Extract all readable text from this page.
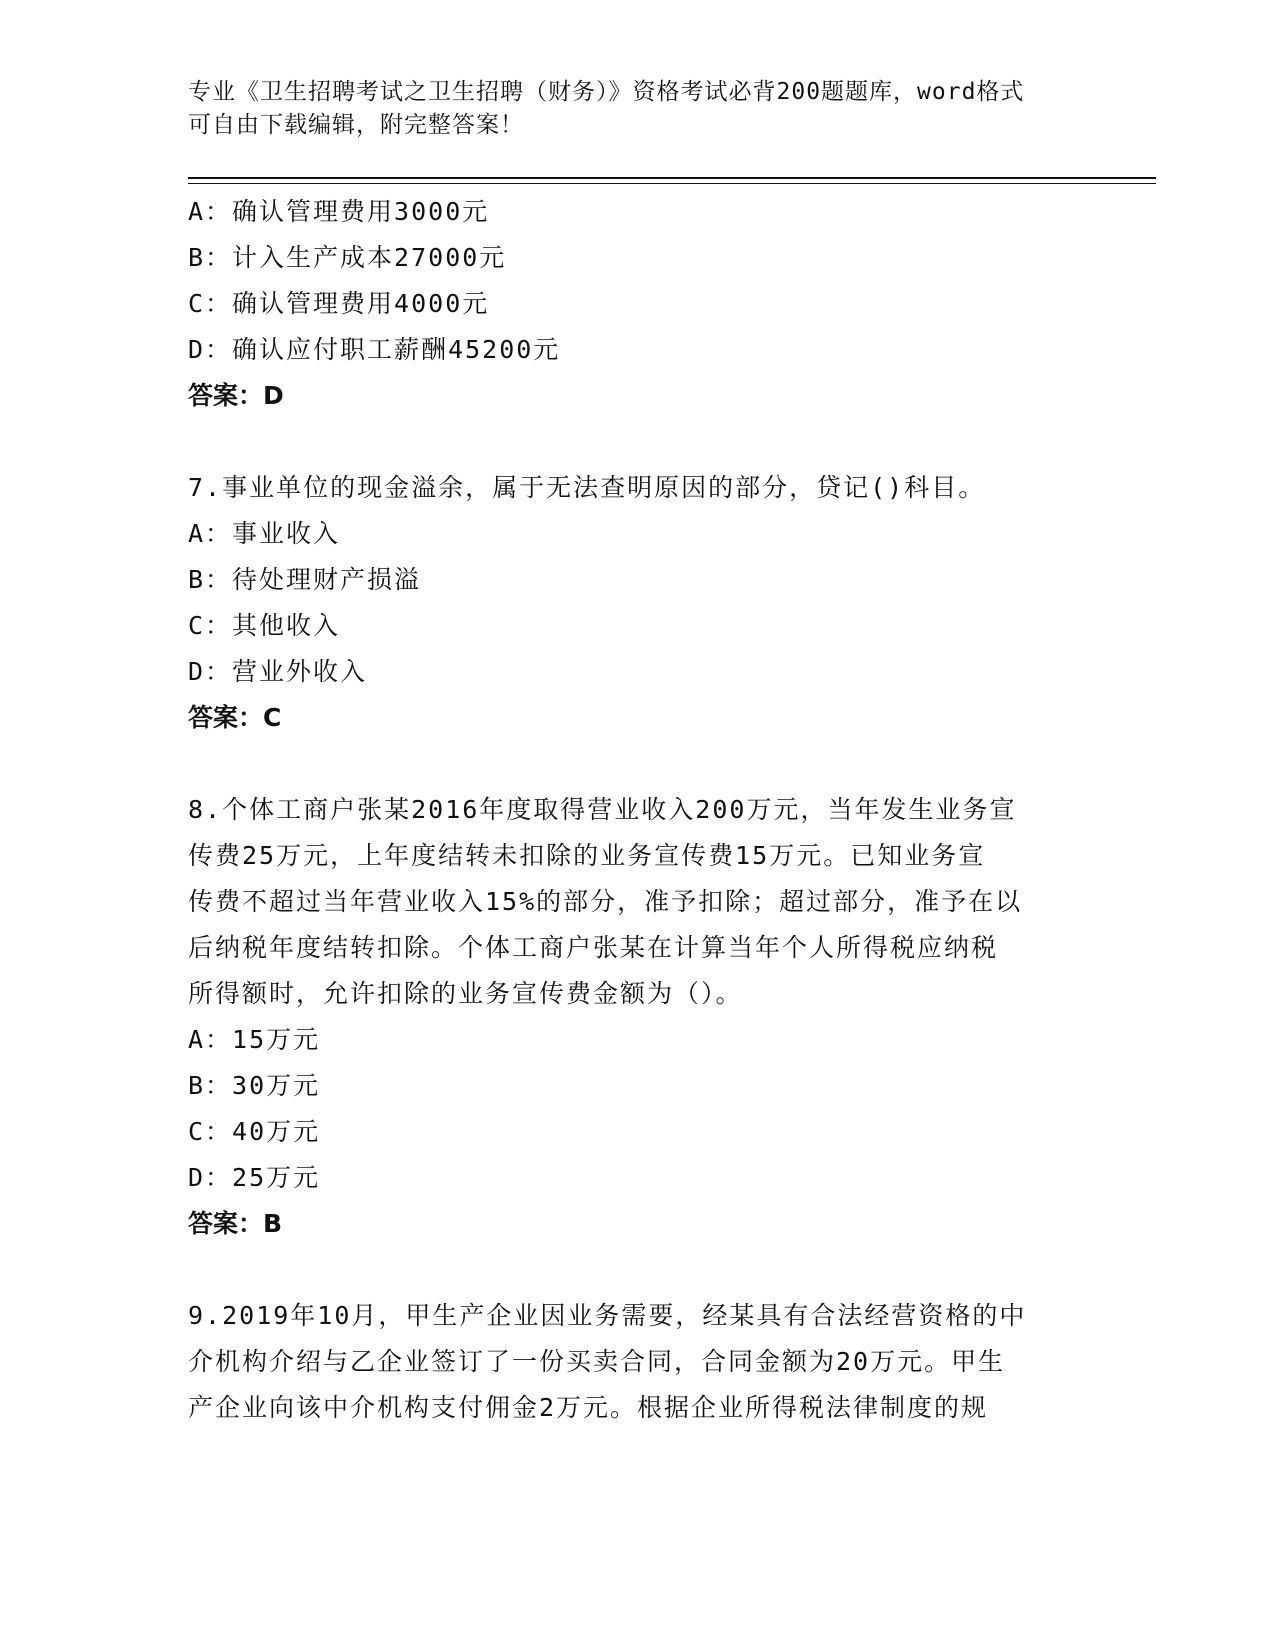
专业《卫生招聘考试之卫生招聘（财务）》资格考试必背200题题库，word格式
可自由下载编辑，附完整答案！
A：确认管理费用3000元
B：计入生产成本27000元
C：确认管理费用4000元
D：确认应付职工薪酬45200元
答案：D
7.事业单位的现金溢余，属于无法查明原因的部分，贷记()科目。
A：事业收入
B：待处理财产损溢
C：其他收入
D：营业外收入
答案：C
8.个体工商户张某2016年度取得营业收入200万元，当年发生业务宣
传费25万元，上年度结转未扣除的业务宣传费15万元。已知业务宣
传费不超过当年营业收入15%的部分，准予扣除；超过部分，准予在以
后纳税年度结转扣除。个体工商户张某在计算当年个人所得税应纳税
所得额时，允许扣除的业务宣传费金额为（）。
A：15万元
B：30万元
C：40万元
D：25万元
答案：B
9.2019年10月，甲生产企业因业务需要，经某具有合法经营资格的中
介机构介绍与乙企业签订了一份买卖合同，合同金额为20万元。甲生
产企业向该中介机构支付佣金2万元。根据企业所得税法律制度的规
